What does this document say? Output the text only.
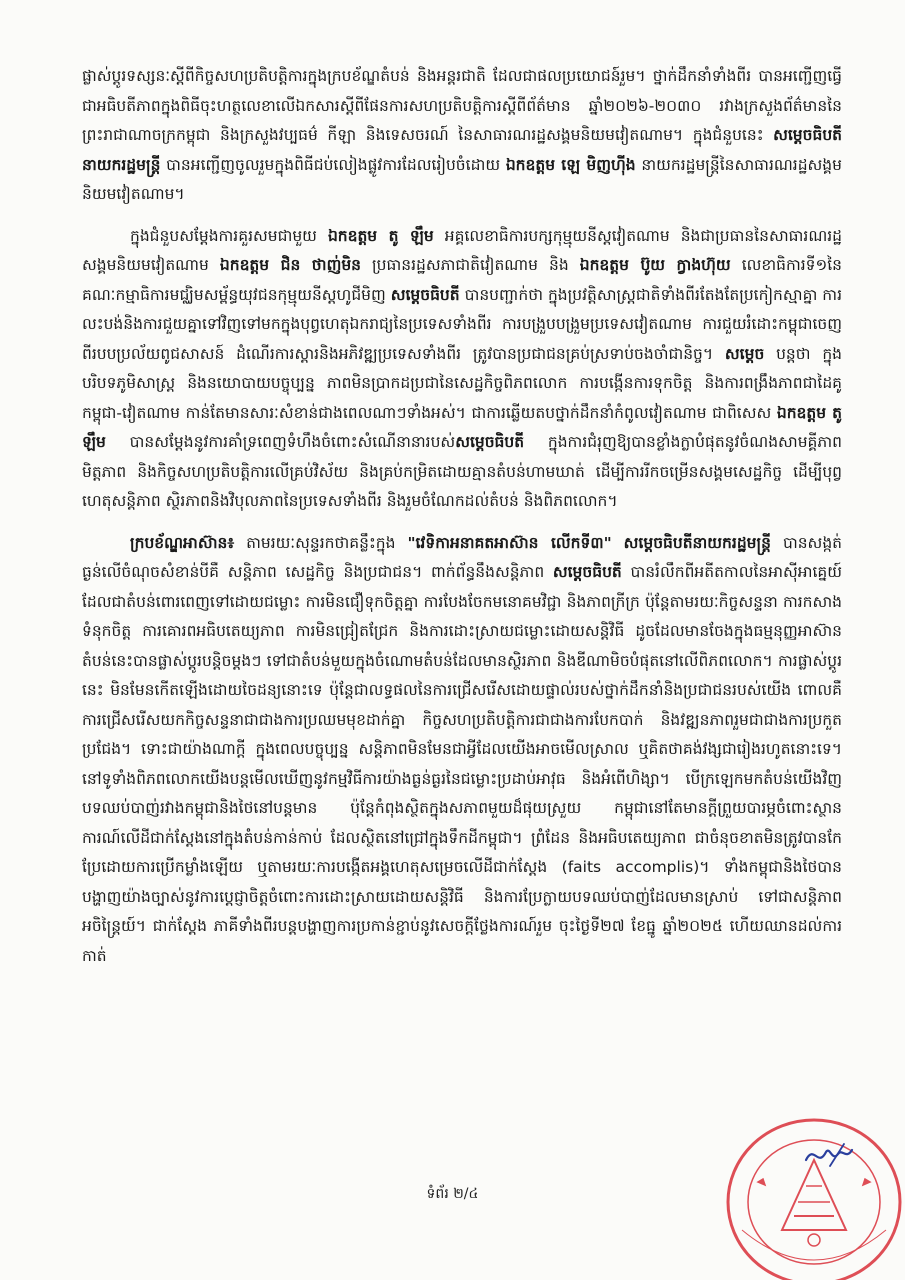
ផ្លាស់ប្តូរទស្សនៈស្តីពីកិច្ចសហប្រតិបត្តិការក្នុងក្របខ័ណ្ឌតំបន់ និងអន្តរជាតិ ដែលជាផលប្រយោជន៍រួម។ ថ្នាក់ដឹកនាំទាំងពីរ បានអញ្ជើញធ្វើជាអធិបតីភាពក្នុងពិធីចុះហត្ថលេខាលើឯកសារស្តីពីផែនការសហប្រតិបត្តិការស្តីពីព័ត៌មាន ឆ្នាំ២០២៦-២០៣០ រវាងក្រសួងព័ត៌មាននៃព្រះរាជាណាចក្រកម្ពុជា និងក្រសួងវប្បធម៌ កីឡា និងទេសចរណ៍ នៃសាធារណរដ្ឋសង្គមនិយមវៀតណាម។ ក្នុងជំនួបនេះ សម្តេចធិបតីនាយករដ្ឋមន្ត្រី បានអញ្ជើញចូលរួមក្នុងពិធីជប់លៀងផ្លូវការដែលរៀបចំដោយ ឯកឧត្តម ឡេ មិញហ៊ីង នាយករដ្ឋមន្ត្រីនៃសាធារណរដ្ឋសង្គមនិយមវៀតណាម។

ក្នុងជំនួបសម្តែងការគួរសមជាមួយ ឯកឧត្តម តូ ឡឹម អគ្គលេខាធិការបក្សកុម្មុយនីស្តវៀតណាម និងជាប្រធាននៃសាធារណរដ្ឋសង្គមនិយមវៀតណាម ឯកឧត្តម ជិន ថាញ់មិន ប្រធានរដ្ឋសភាជាតិវៀតណាម និង ឯកឧត្តម ប៊ូយ ក្វាងហ៊ុយ លេខាធិការទី១នៃគណៈកម្មាធិការមជ្ឈិមសម្ព័ន្ធយុវជនកុម្មុយនីស្តហូជីមិញ សម្តេចធិបតី បានបញ្ជាក់ថា ក្នុងប្រវត្តិសាស្ត្រជាតិទាំងពីរតែងតែប្រកៀកស្មាគ្នា ការលះបង់និងការជួយគ្នាទៅវិញទៅមកក្នុងបុព្វហេតុឯករាជ្យនៃប្រទេសទាំងពីរ ការបង្រួបបង្រួមប្រទេសវៀតណាម ការជួយរំដោះកម្ពុជាចេញពីរបបប្រល័យពូជសាសន៍ ដំណើរការស្តារនិងអភិវឌ្ឍប្រទេសទាំងពីរ ត្រូវបានប្រជាជនគ្រប់ស្រទាប់ចងចាំជានិច្ច។ សម្តេច បន្តថា ក្នុងបរិបទភូមិសាស្ត្រ និងនយោបាយបច្ចុប្បន្ន ភាពមិនប្រាកដប្រជានៃសេដ្ឋកិច្ចពិភពលោក ការបង្កើនការទុកចិត្ត និងការពង្រឹងភាពជាដៃគូកម្ពុជា-វៀតណាម កាន់តែមានសារៈសំខាន់ជាងពេលណាៗទាំងអស់។ ជាការឆ្លើយតបថ្នាក់ដឹកនាំកំពូលវៀតណាម ជាពិសេស ឯកឧត្តម តូ ឡឹម បានសម្តែងនូវការគាំទ្រពេញទំហឹងចំពោះសំណើនានារបស់សម្តេចធិបតី ក្នុងការជំរុញឱ្យបានខ្លាំងក្លាបំផុតនូវចំណងសាមគ្គីភាព មិត្តភាព និងកិច្ចសហប្រតិបត្តិការលើគ្រប់វិស័យ និងគ្រប់កម្រិតដោយគ្មានតំបន់ហាមឃាត់ ដើម្បីការរីកចម្រើនសង្គមសេដ្ឋកិច្ច ដើម្បីបុព្វហេតុសន្តិភាព ស្ថិរភាពនិងវិបុលភាពនៃប្រទេសទាំងពីរ និងរួមចំណែកដល់តំបន់ និងពិភពលោក។

ក្របខ័ណ្ឌអាស៊ាន៖ តាមរយៈសុន្ទរកថាគន្លឹះក្នុង "វេទិកាអនាគតអាស៊ាន លើកទី៣" សម្តេចធិបតីនាយករដ្ឋមន្ត្រី បានសង្កត់ធ្ងន់លើចំណុចសំខាន់បីគឺ សន្តិភាព សេដ្ឋកិច្ច និងប្រជាជន។ ពាក់ព័ន្ធនឹងសន្តិភាព សម្តេចធិបតី បានរំលឹកពីអតីតកាលនៃអាស៊ីអាគ្នេយ៍ដែលជាតំបន់ពោរពេញទៅដោយជម្លោះ ការមិនជឿទុកចិត្តគ្នា ការបែងចែកមនោគមវិជ្ជា និងភាពក្រីក្រ ប៉ុន្តែតាមរយៈកិច្ចសន្ទនា ការកសាងទំនុកចិត្ត ការគោរពអធិបតេយ្យភាព ការមិនជ្រៀតជ្រែក និងការដោះស្រាយជម្លោះដោយសន្តិវិធី ដូចដែលមានចែងក្នុងធម្មនុញ្ញអាស៊ាន តំបន់នេះបានផ្លាស់ប្តូរបន្តិចម្តងៗ ទៅជាតំបន់មួយក្នុងចំណោមតំបន់ដែលមានស្ថិរភាព និងឌីណាមិចបំផុតនៅលើពិភពលោក។ ការផ្លាស់ប្តូរនេះ មិនមែនកើតឡើងដោយចៃដន្យនោះទេ ប៉ុន្តែជាលទ្ធផលនៃការជ្រើសរើសដោយផ្ទាល់របស់ថ្នាក់ដឹកនាំនិងប្រជាជនរបស់យើង ពោលគឺ ការជ្រើសរើសយកកិច្ចសន្ទនាជាជាងការប្រឈមមុខដាក់គ្នា កិច្ចសហប្រតិបត្តិការជាជាងការបែកបាក់ និងវឌ្ឍនភាពរួមជាជាងការប្រកួតប្រជែង។ ទោះជាយ៉ាងណាក្តី ក្នុងពេលបច្ចុប្បន្ន សន្តិភាពមិនមែនជាអ្វីដែលយើងអាចមើលស្រាល ឬគិតថាគង់វង្សជារៀងរហូតនោះទេ។ នៅទូទាំងពិភពលោកយើងបន្តមើលឃើញនូវកម្មវិធីការយ៉ាងធ្ងន់ធ្ងរនៃជម្លោះប្រដាប់អាវុធ និងអំពើហិង្សា។ បើក្រឡេកមកតំបន់យើងវិញ បទឈប់បាញ់រវាងកម្ពុជានិងថៃនៅបន្តមាន ប៉ុន្តែកំពុងស្ថិតក្នុងសភាពមួយដ៏ផុយស្រួយ កម្ពុជានៅតែមានក្តីព្រួយបារម្ភចំពោះស្ថានការណ៍លើដីជាក់ស្តែងនៅក្នុងតំបន់កាន់កាប់ ដែលស្ថិតនៅជ្រៅក្នុងទឹកដីកម្ពុជា។ ព្រំដែន និងអធិបតេយ្យភាព ជាចំនុចខាតមិនត្រូវបានកែប្រែដោយការប្រើកម្លាំងឡើយ ឬតាមរយៈការបង្កើតអង្គហេតុសម្រេចលើដីជាក់ស្តែង (faits accomplis)។ ទាំងកម្ពុជានិងថៃបានបង្ហាញយ៉ាងច្បាស់នូវការប្តេជ្ញាចិត្តចំពោះការដោះស្រាយដោយសន្តិវិធី និងការប្រែក្លាយបទឈប់បាញ់ដែលមានស្រាប់ ទៅជាសន្តិភាពអចិន្ត្រៃយ៍។ ជាក់ស្តែង ភាគីទាំងពីរបន្តបង្ហាញការប្រកាន់ខ្ជាប់នូវសេចក្តីថ្លែងការណ៍រួម ចុះថ្ងៃទី២៧ ខែធ្នូ ឆ្នាំ២០២៥ ហើយឈានដល់ការកាត់

ទំព័រ ២/៤
